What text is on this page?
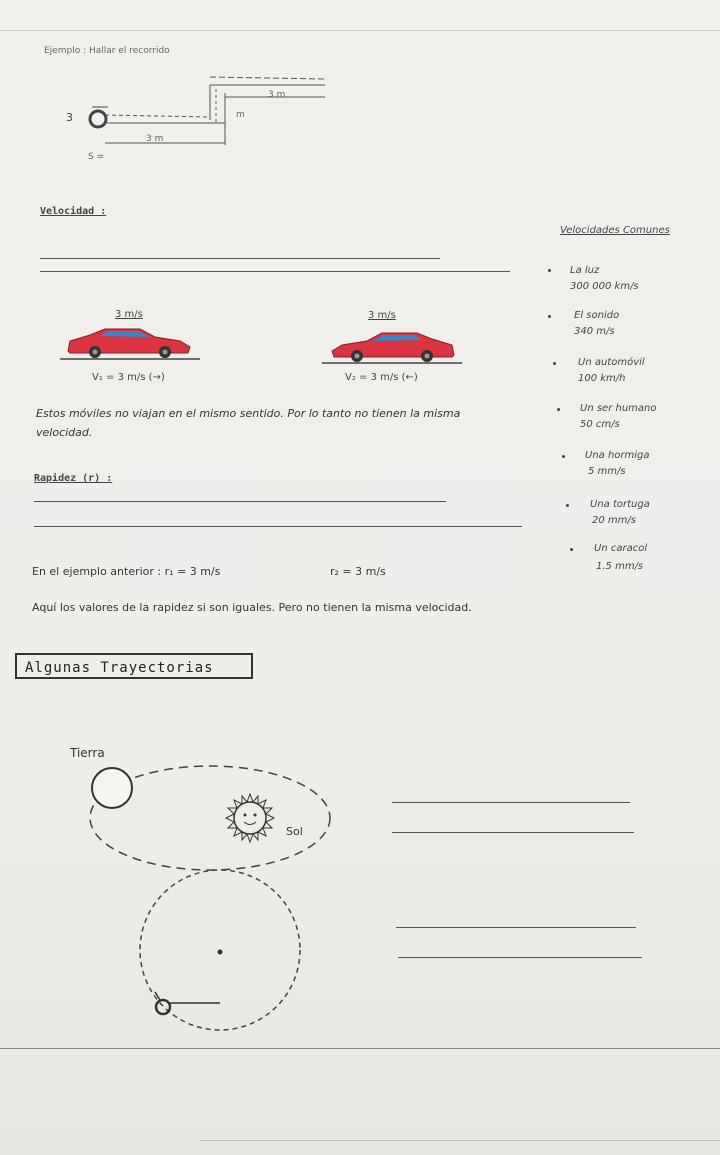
Ejemplo : Hallar el recorrido
3 m
m
3 m
3
S =
Velocidad :
Velocidades Comunes
3 m/s
V₁ = 3 m/s (→)
3 m/s
V₂ = 3 m/s (←)
Estos móviles no viajan en el mismo sentido. Por lo tanto no tienen la misma
velocidad.
La luz
300 000 km/s
El sonido
340 m/s
Un automóvil
100 km/h
Un ser humano
50 cm/s
Una hormiga
5 mm/s
Una tortuga
20 mm/s
Un caracol
1.5 mm/s
Rapidez (r) :
En el ejemplo anterior : r₁ = 3 m/s	r₂ = 3 m/s
Aquí los valores de la rapidez si son iguales. Pero no tienen la misma velocidad.
Algunas Trayectorias
Tierra
Sol
